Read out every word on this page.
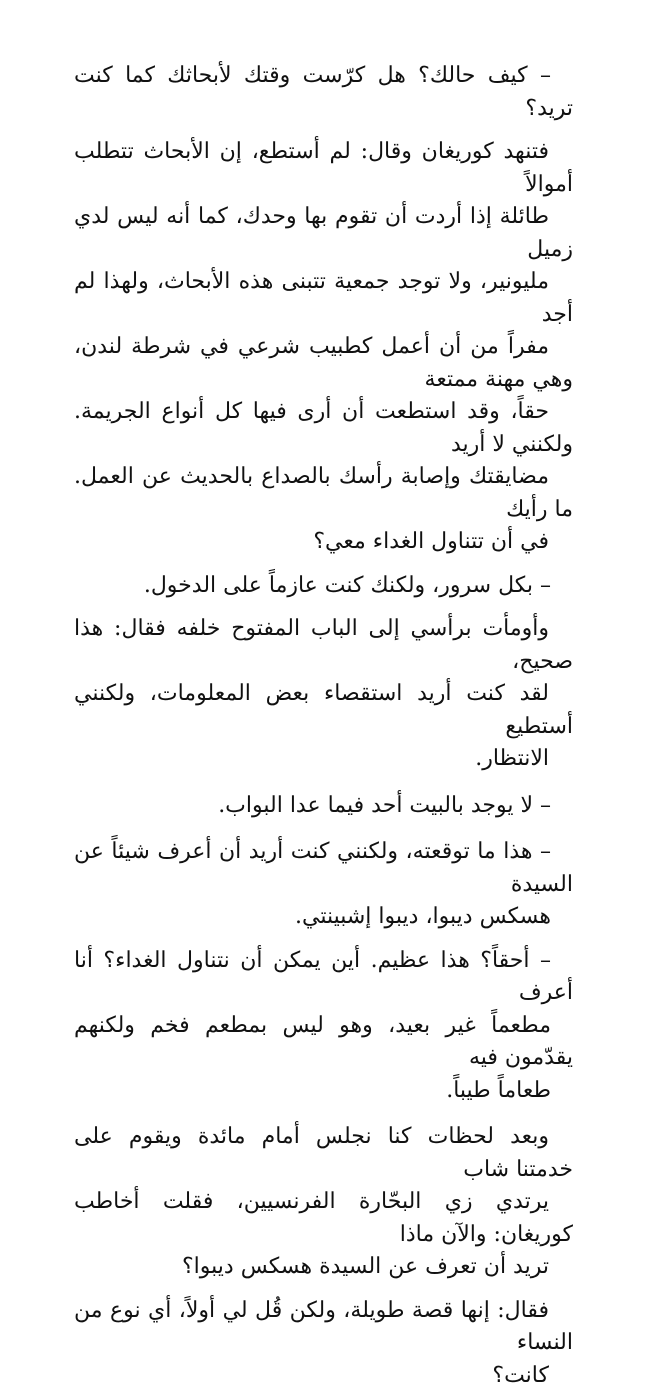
– كيف حالك؟ هل كرّست وقتك لأبحاثك كما كنت تريد؟

فتنهد كوريغان وقال: لم أستطع، إن الأبحاث تتطلب أموالاً
طائلة إذا أردت أن تقوم بها وحدك، كما أنه ليس لدي زميل
مليونير، ولا توجد جمعية تتبنى هذه الأبحاث، ولهذا لم أجد
مفراً من أن أعمل كطبيب شرعي في شرطة لندن، وهي مهنة ممتعة
حقاً، وقد استطعت أن أرى فيها كل أنواع الجريمة. ولكنني لا أريد
مضايقتك وإصابة رأسك بالصداع بالحديث عن العمل. ما رأيك
في أن تتناول الغداء معي؟

– بكل سرور، ولكنك كنت عازماً على الدخول.

وأومأت برأسي إلى الباب المفتوح خلفه فقال: هذا صحيح،
لقد كنت أريد استقصاء بعض المعلومات، ولكنني أستطيع
الانتظار.

– لا يوجد بالبيت أحد فيما عدا البواب.

– هذا ما توقعته، ولكنني كنت أريد أن أعرف شيئاً عن السيدة
هسكس ديبوا، ديبوا إشبينتي.

– أحقاً؟ هذا عظيم. أين يمكن أن نتناول الغداء؟ أنا أعرف
مطعماً غير بعيد، وهو ليس بمطعم فخم ولكنهم يقدّمون فيه
طعاماً طيباً.

وبعد لحظات كنا نجلس أمام مائدة ويقوم على خدمتنا شاب
يرتدي زي البحّارة الفرنسيين، فقلت أخاطب كوريغان: والآن ماذا
تريد أن تعرف عن السيدة هسكس ديبوا؟

فقال: إنها قصة طويلة، ولكن قُل لي أولاً، أي نوع من النساء
كانت؟
